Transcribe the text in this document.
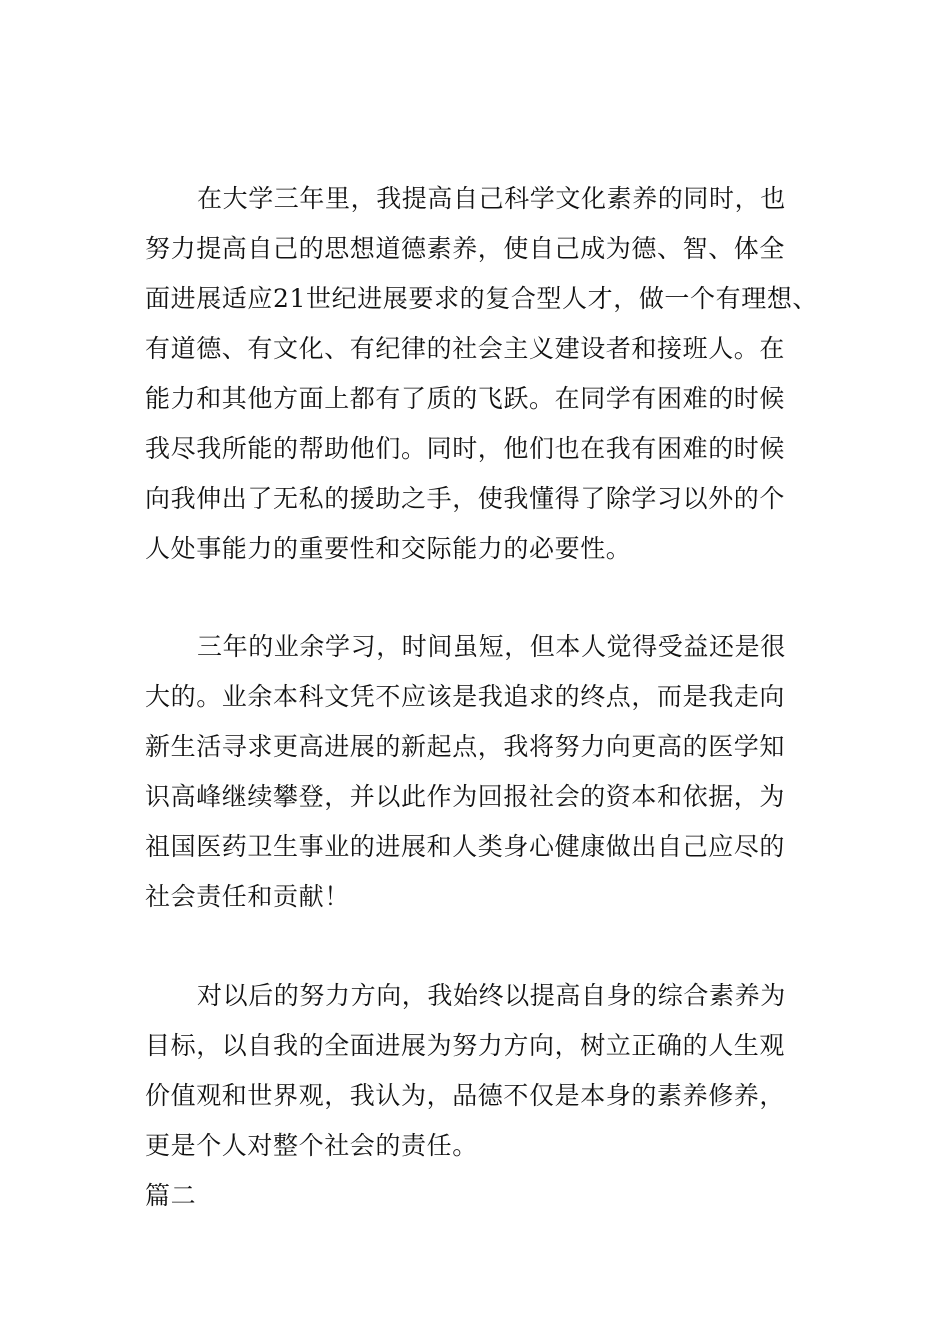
在大学三年里，我提高自己科学文化素养的同时，也
努力提高自己的思想道德素养，使自己成为德、智、体全
面进展适应21世纪进展要求的复合型人才，做一个有理想、
有道德、有文化、有纪律的社会主义建设者和接班人。在
能力和其他方面上都有了质的飞跃。在同学有困难的时候
我尽我所能的帮助他们。同时，他们也在我有困难的时候
向我伸出了无私的援助之手，使我懂得了除学习以外的个
人处事能力的重要性和交际能力的必要性。
三年的业余学习，时间虽短，但本人觉得受益还是很
大的。业余本科文凭不应该是我追求的终点，而是我走向
新生活寻求更高进展的新起点，我将努力向更高的医学知
识高峰继续攀登，并以此作为回报社会的资本和依据，为
祖国医药卫生事业的进展和人类身心健康做出自己应尽的
社会责任和贡献！
对以后的努力方向，我始终以提高自身的综合素养为
目标，以自我的全面进展为努力方向，树立正确的人生观
价值观和世界观，我认为，品德不仅是本身的素养修养，
更是个人对整个社会的责任。
篇二
